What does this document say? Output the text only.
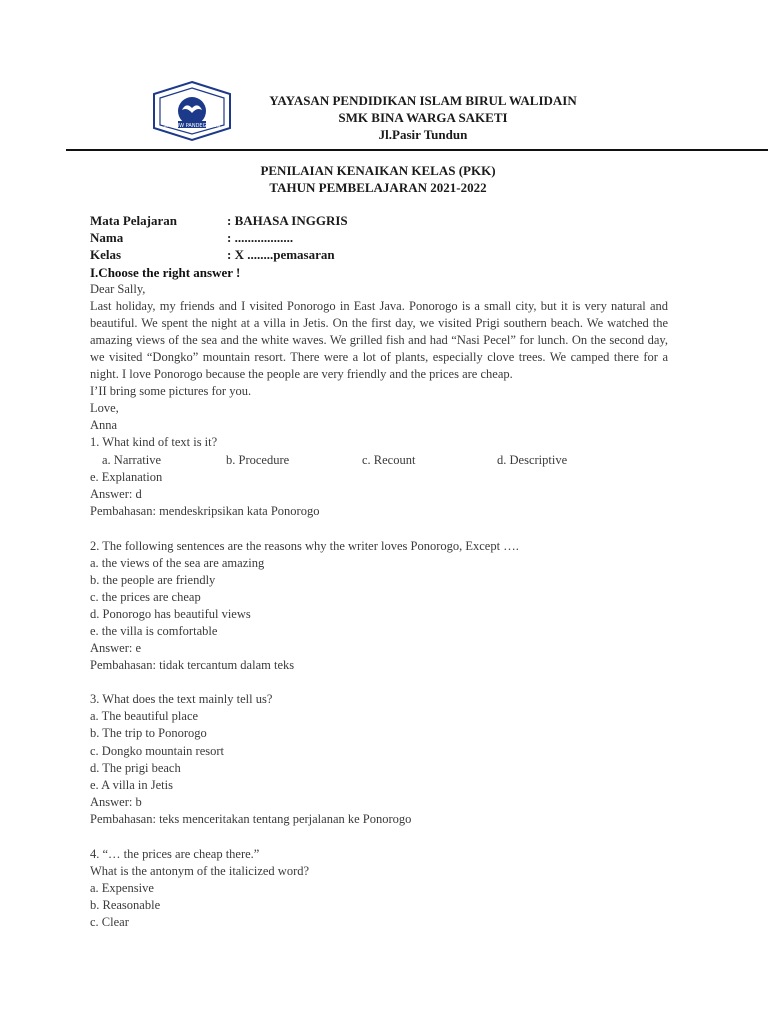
SMK BW PANDEGLANG
YAYASAN PENDIDIKAN ISLAM BIRUL WALIDAIN
SMK BINA WARGA SAKETI
Jl.Pasir Tundun
PENILAIAN KENAIKAN KELAS (PKK)
TAHUN PEMBELAJARAN 2021-2022
Mata Pelajaran	: BAHASA INGGRIS
Nama	: ..................
Kelas	: X ........pemasaran
I.Choose the right answer !
Dear Sally,
Last holiday, my friends and I visited Ponorogo in East Java. Ponorogo is a small city, but it is very natural and beautiful. We spent the night at a villa in Jetis. On the first day, we visited Prigi southern beach. We watched the amazing views of the sea and the white waves. We grilled fish and had “Nasi Pecel” for lunch. On the second day, we visited “Dongko” mountain resort. There were a lot of plants, especially clove trees. We camped there for a night. I love Ponorogo because the people are very friendly and the prices are cheap.
I’II bring some pictures for you.
Love,
Anna
1. What kind of text is it?
a. Narrative	b. Procedure	c. Recount	d. Descriptive
e. Explanation
Answer: d
Pembahasan: mendeskripsikan kata Ponorogo
2. The following sentences are the reasons why the writer loves Ponorogo, Except ….
a. the views of the sea are amazing
b. the people are friendly
c. the prices are cheap
d. Ponorogo has beautiful views
e. the villa is comfortable
Answer: e
Pembahasan: tidak tercantum dalam teks
3. What does the text mainly tell us?
a. The beautiful place
b. The trip to Ponorogo
c. Dongko mountain resort
d. The prigi beach
e. A villa in Jetis
Answer: b
Pembahasan: teks menceritakan tentang perjalanan ke Ponorogo
4. “… the prices are cheap there.”
What is the antonym of the italicized word?
a. Expensive
b. Reasonable
c. Clear
